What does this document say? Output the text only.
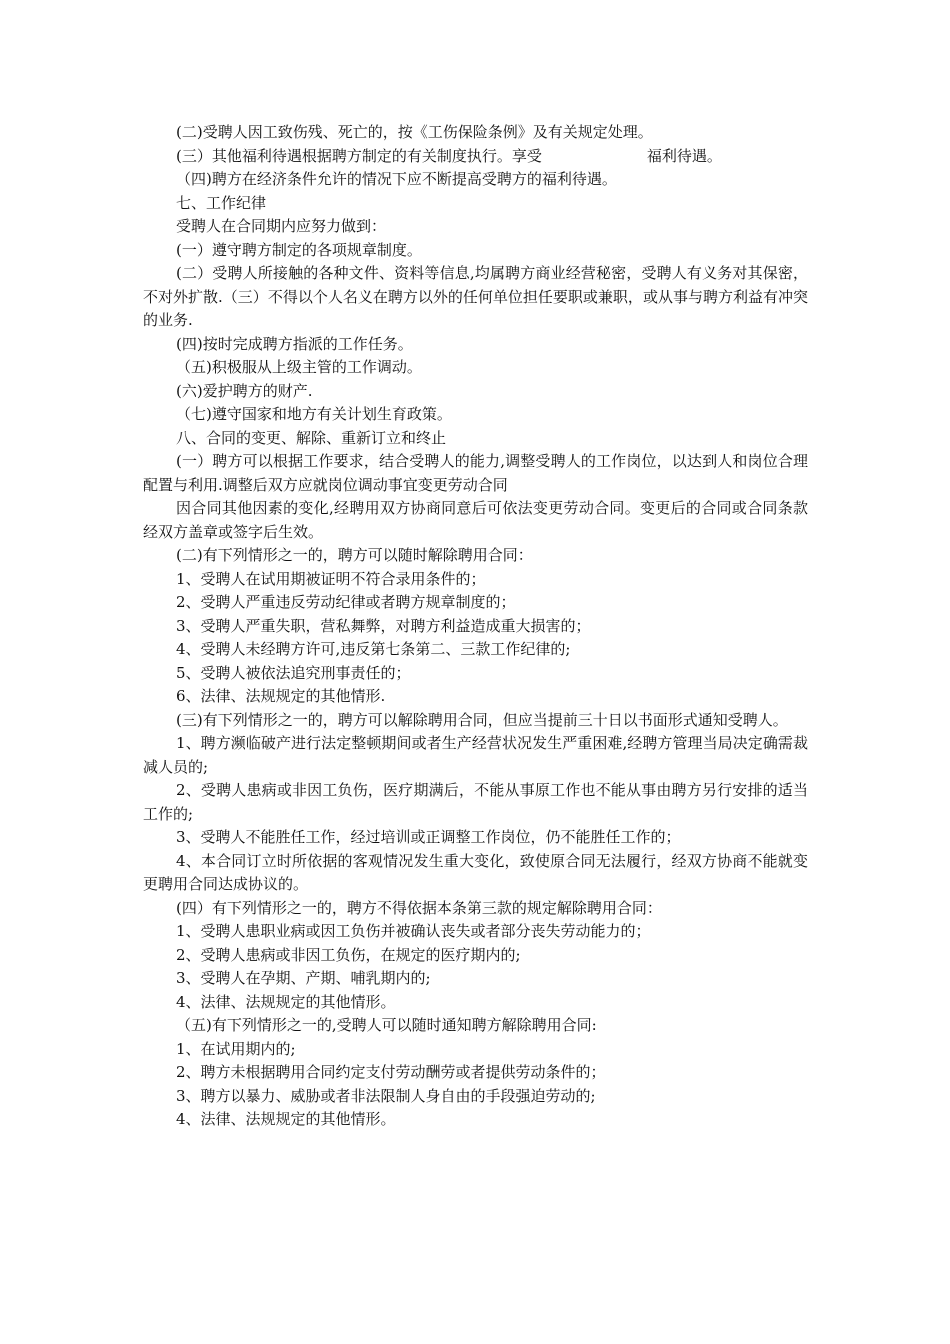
(二)受聘人因工致伤残、死亡的，按《工伤保险条例》及有关规定处理。

(三）其他福利待遇根据聘方制定的有关制度执行。享受	福利待遇。

（四)聘方在经济条件允许的情况下应不断提高受聘方的福利待遇。

七、工作纪律

受聘人在合同期内应努力做到：

(一）遵守聘方制定的各项规章制度。

(二）受聘人所接触的各种文件、资料等信息,均属聘方商业经营秘密，受聘人有义务对其保密，不对外扩散.（三）不得以个人名义在聘方以外的任何单位担任要职或兼职，或从事与聘方利益有冲突的业务.

(四)按时完成聘方指派的工作任务。

（五)积极服从上级主管的工作调动。

(六)爱护聘方的财产.

（七)遵守国家和地方有关计划生育政策。

八、合同的变更、解除、重新订立和终止

(一）聘方可以根据工作要求，结合受聘人的能力,调整受聘人的工作岗位，以达到人和岗位合理配置与利用.调整后双方应就岗位调动事宜变更劳动合同

因合同其他因素的变化,经聘用双方协商同意后可依法变更劳动合同。变更后的合同或合同条款经双方盖章或签字后生效。

(二)有下列情形之一的，聘方可以随时解除聘用合同：

1、受聘人在试用期被证明不符合录用条件的；

2、受聘人严重违反劳动纪律或者聘方规章制度的；

3、受聘人严重失职，营私舞弊，对聘方利益造成重大损害的；

4、受聘人未经聘方许可,违反第七条第二、三款工作纪律的;

5、受聘人被依法追究刑事责任的；

6、法律、法规规定的其他情形.

(三)有下列情形之一的，聘方可以解除聘用合同，但应当提前三十日以书面形式通知受聘人。

1、聘方濒临破产进行法定整顿期间或者生产经营状况发生严重困难,经聘方管理当局决定确需裁减人员的;

2、受聘人患病或非因工负伤，医疗期满后，不能从事原工作也不能从事由聘方另行安排的适当工作的;

3、受聘人不能胜任工作，经过培训或正调整工作岗位，仍不能胜任工作的；

4、本合同订立时所依据的客观情况发生重大变化，致使原合同无法履行，经双方协商不能就变更聘用合同达成协议的。

(四）有下列情形之一的，聘方不得依据本条第三款的规定解除聘用合同：

1、受聘人患职业病或因工负伤并被确认丧失或者部分丧失劳动能力的；

2、受聘人患病或非因工负伤，在规定的医疗期内的;

3、受聘人在孕期、产期、哺乳期内的;

4、法律、法规规定的其他情形。

（五)有下列情形之一的,受聘人可以随时通知聘方解除聘用合同:

1、在试用期内的;

2、聘方未根据聘用合同约定支付劳动酬劳或者提供劳动条件的；

3、聘方以暴力、威胁或者非法限制人身自由的手段强迫劳动的;

4、法律、法规规定的其他情形。
